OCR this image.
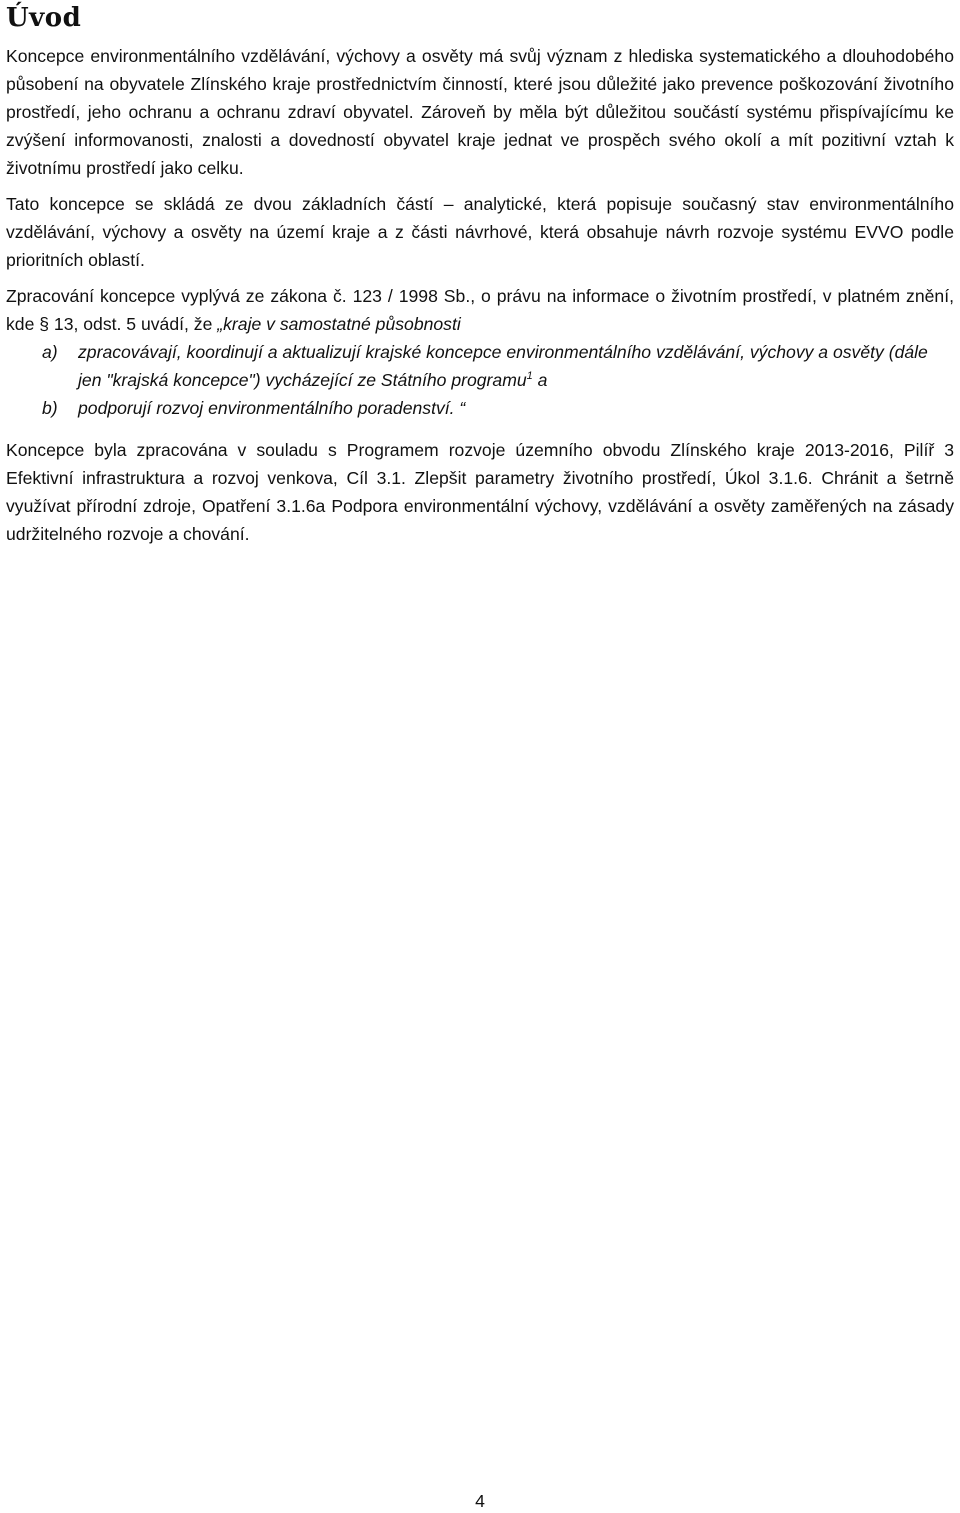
Úvod

Koncepce environmentálního vzdělávání, výchovy a osvěty má svůj význam z hlediska systematického a dlouhodobého působení na obyvatele Zlínského kraje prostřednictvím činností, které jsou důležité jako prevence poškozování životního prostředí, jeho ochranu a ochranu zdraví obyvatel. Zároveň by měla být důležitou součástí systému přispívajícímu ke zvýšení informovanosti, znalosti a dovedností obyvatel kraje jednat ve prospěch svého okolí a mít pozitivní vztah k životnímu prostředí jako celku.

Tato koncepce se skládá ze dvou základních částí – analytické, která popisuje současný stav environmentálního vzdělávání, výchovy a osvěty na území kraje a z části návrhové, která obsahuje návrh rozvoje systému EVVO podle prioritních oblastí.

Zpracování koncepce vyplývá ze zákona č. 123 / 1998 Sb., o právu na informace o životním prostředí, v platném znění, kde § 13, odst. 5 uvádí, že „kraje v samostatné působnosti

a)	zpracovávají, koordinují a aktualizují krajské koncepce environmentálního vzdělávání, výchovy a osvěty (dále jen "krajská koncepce") vycházející ze Státního programu$^1$ a
b)	podporují rozvoj environmentálního poradenství. “

Koncepce byla zpracována v souladu s Programem rozvoje územního obvodu Zlínského kraje 2013-2016, Pilíř 3 Efektivní infrastruktura a rozvoj venkova, Cíl 3.1. Zlepšit parametry životního prostředí, Úkol 3.1.6. Chránit a šetrně využívat přírodní zdroje, Opatření 3.1.6a Podpora environmentální výchovy, vzdělávání a osvěty zaměřených na zásady udržitelného rozvoje a chování.

4
